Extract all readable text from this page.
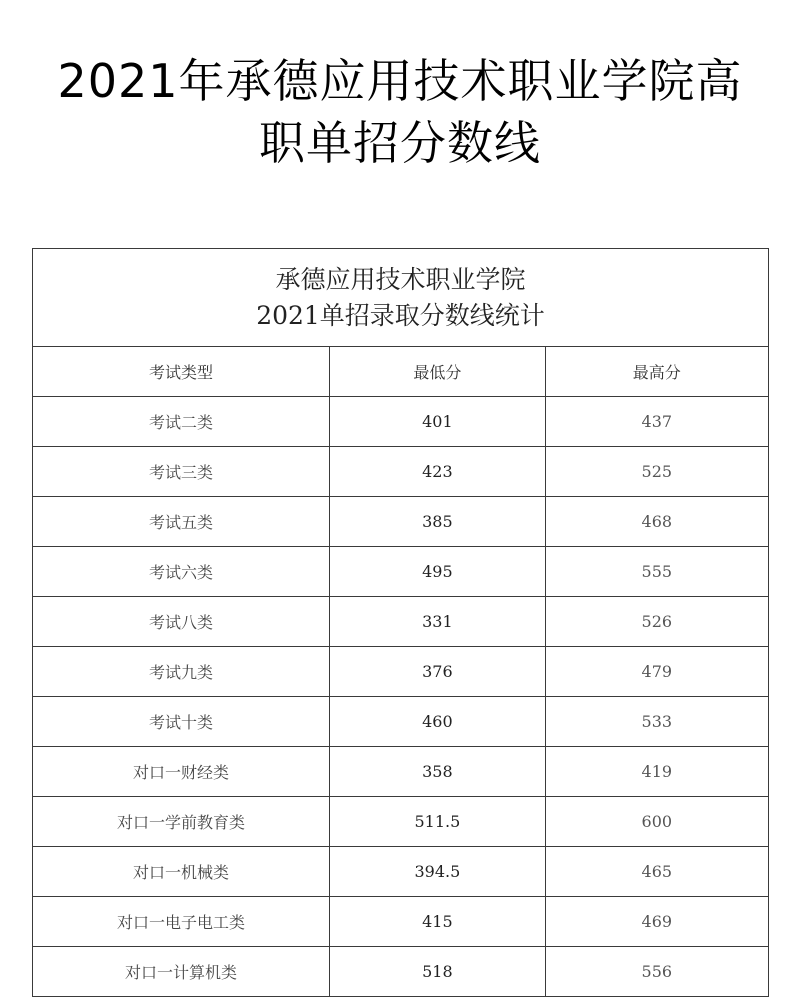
2021年承德应用技术职业学院高
职单招分数线
承德应用技术职业学院
2021单招录取分数线统计		

考试类型	最低分	最高分
考试二类	401	437
考试三类	423	525
考试五类	385	468
考试六类	495	555
考试八类	331	526
考试九类	376	479
考试十类	460	533
对口一财经类	358	419
对口一学前教育类	511.5	600
对口一机械类	394.5	465
对口一电子电工类	415	469
对口一计算机类	518	556
